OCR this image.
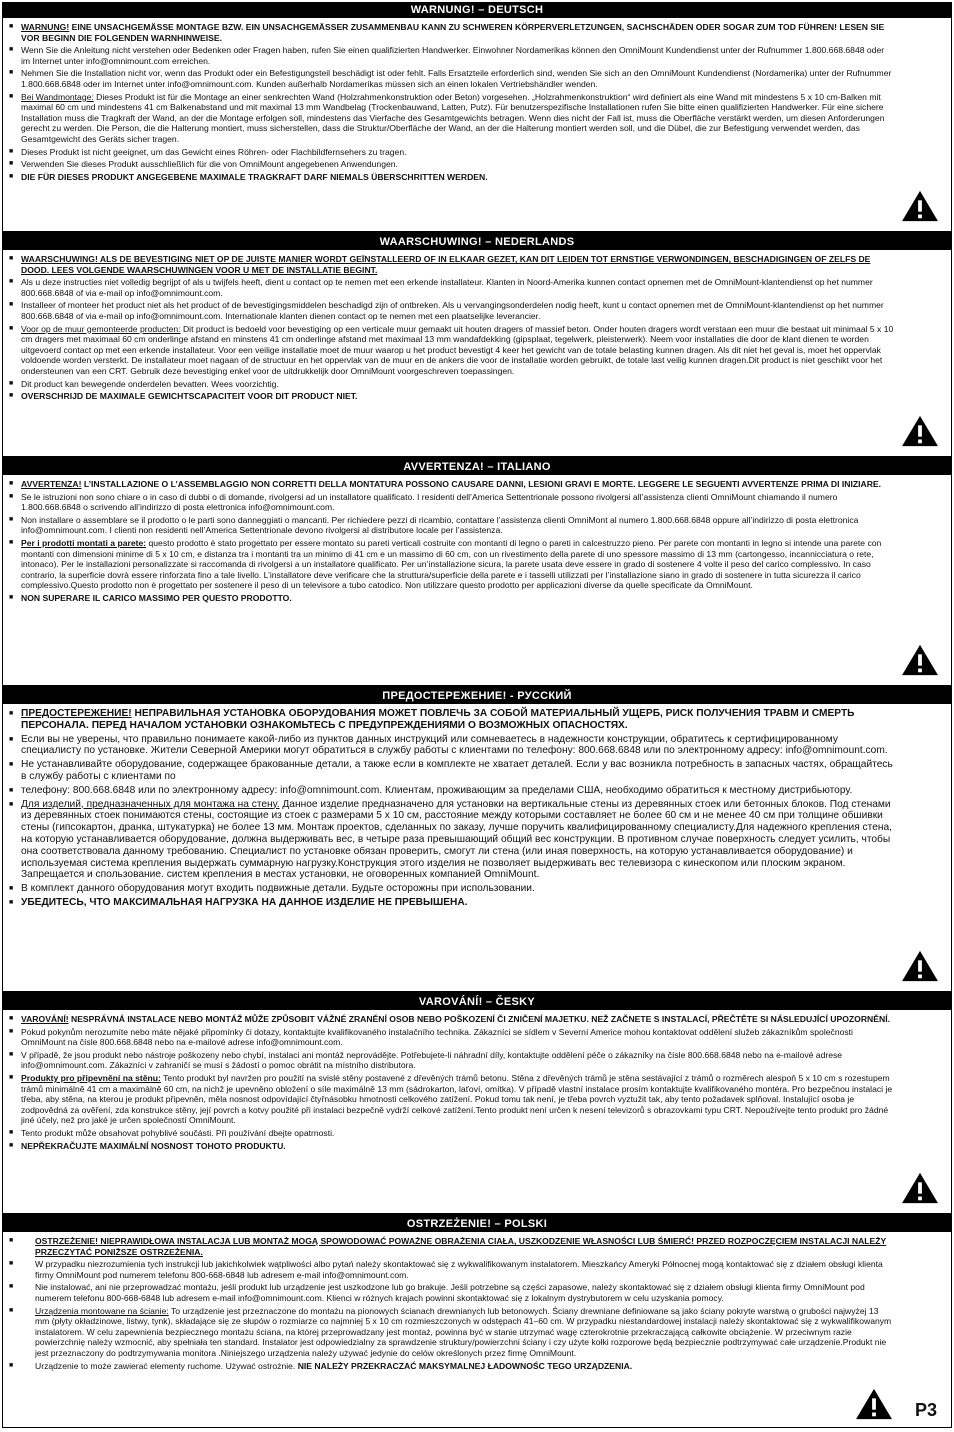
WARNUNG! – DEUTSCH
■ WARNUNG! EINE UNSACHGEMÄSSE MONTAGE BZW. EIN UNSACHGEMÄSSER ZUSAMMENBAU KANN ZU SCHWEREN KÖRPERVERLETZUNGEN, SACHSCHÄDEN ODER SOGAR ZUM TOD FÜHREN! LESEN SIE VOR BEGINN DIE FOLGENDEN WARNHINWEISE.
■ Wenn Sie die Anleitung nicht verstehen oder Bedenken oder Fragen haben, rufen Sie einen qualifizierten Handwerker. Einwohner Nordamerikas können den OmniMount Kundendienst unter der Rufnummer 1.800.668.6848 oder im Internet unter info@omnimount.com erreichen.
■ Nehmen Sie die Installation nicht vor, wenn das Produkt oder ein Befestigungsteil beschädigt ist oder fehlt. Falls Ersatzteile erforderlich sind, wenden Sie sich an den OmniMount Kundendienst (Nordamerika) unter der Rufnummer 1.800.668.6848 oder im Internet unter info@omnimount.com. Kunden außerhalb Nordamerikas müssen sich an einen lokalen Vertriebshändler wenden.
■ Bei Wandmontage: Dieses Produkt ist für die Montage an einer senkrechten Wand (Holzrahmenkonstruktion oder Beton) vorgesehen. „Holzrahmenkonstruktion“ wird definiert als eine Wand mit mindestens 5 x 10 cm-Balken mit maximal 60 cm und mindestens 41 cm Balkenabstand und mit maximal 13 mm Wandbelag (Trockenbauwand, Latten, Putz). Für benutzerspezifische Installationen rufen Sie bitte einen qualifizierten Handwerker. Für eine sichere Installation muss die Tragkraft der Wand, an der die Montage erfolgen soll, mindestens das Vierfache des Gesamtgewichts betragen. Wenn dies nicht der Fall ist, muss die Oberfläche verstärkt werden, um diesen Anforderungen gerecht zu werden. Die Person, die die Halterung montiert, muss sicherstellen, dass die Struktur/Oberfläche der Wand, an der die Halterung montiert werden soll, und die Dübel, die zur Befestigung verwendet werden, das Gesamtgewicht des Geräts sicher tragen.
■ Dieses Produkt ist nicht geeignet, um das Gewicht eines Röhren- oder Flachbildfernsehers zu tragen.
■ Verwenden Sie dieses Produkt ausschließlich für die von OmniMount angegebenen Anwendungen.
■ DIE FÜR DIESES PRODUKT ANGEGEBENE MAXIMALE TRAGKRAFT DARF NIEMALS ÜBERSCHRITTEN WERDEN.
WAARSCHUWING! – NEDERLANDS
■ WAARSCHUWING! ALS DE BEVESTIGING NIET OP DE JUISTE MANIER WORDT GEÏNSTALLEERD OF IN ELKAAR GEZET, KAN DIT LEIDEN TOT ERNSTIGE VERWONDINGEN, BESCHADIGINGEN OF ZELFS DE DOOD. LEES VOLGENDE WAARSCHUWINGEN VOOR U MET DE INSTALLATIE BEGINT.
■ Als u deze instructies niet volledig begrijpt of als u twijfels heeft, dient u contact op te nemen met een erkende installateur. Klanten in Noord-Amerika kunnen contact opnemen met de OmniMount-klantendienst op het nummer 800.668.6848 of via e-mail op info@omnimount.com.
■ Installeer of monteer het product niet als het product of de bevestigingsmiddelen beschadigd zijn of ontbreken. Als u vervangingsonderdelen nodig heeft, kunt u contact opnemen met de OmniMount-klantendienst op het nummer 800.668.6848 of via e-mail op info@omnimount.com. Internationale klanten dienen contact op te nemen met een plaatselijke leverancier.
■ Voor op de muur gemonteerde producten: Dit product is bedoeld voor bevestiging op een verticale muur gemaakt uit houten dragers of massief beton. Onder houten dragers wordt verstaan een muur die bestaat uit minimaal 5 x 10 cm dragers met maximaal 60 cm onderlinge afstand en minstens 41 cm onderlinge afstand met maximaal 13 mm wandafdekking (gipsplaat, tegelwerk, pleisterwerk). Neem voor installaties die door de klant dienen te worden uitgevoerd contact op met een erkende installateur. Voor een veilige installatie moet de muur waarop u het product bevestigt 4 keer het gewicht van de totale belasting kunnen dragen. Als dit niet het geval is, moet het oppervlak voldoende worden versterkt. De installateur moet nagaan of de structuur en het oppervlak van de muur en de ankers die voor de installatie worden gebruikt, de totale last veilig kunnen dragen.Dit product is niet geschikt voor het ondersteunen van een CRT. Gebruik deze bevestiging enkel voor de uitdrukkelijk door OmniMount voorgeschreven toepassingen.
■ Dit product kan bewegende onderdelen bevatten. Wees voorzichtig.
■ OVERSCHRIJD DE MAXIMALE GEWICHTSCAPACITEIT VOOR DIT PRODUCT NIET.
AVVERTENZA! – ITALIANO
■ AVVERTENZA! L’INSTALLAZIONE O L’ASSEMBLAGGIO NON CORRETTI DELLA MONTATURA POSSONO CAUSARE DANNI, LESIONI GRAVI E MORTE. LEGGERE LE SEGUENTI AVVERTENZE PRIMA DI INIZIARE.
■ Se le istruzioni non sono chiare o in caso di dubbi o di domande, rivolgersi ad un installatore qualificato. I residenti dell’America Settentrionale possono rivolgersi all’assistenza clienti OmniMount chiamando il numero 1.800.668.6848 o scrivendo all’indirizzo di posta elettronica info@omnimount.com.
■ Non installare o assemblare se il prodotto o le parti sono danneggiati o mancanti. Per richiedere pezzi di ricambio, contattare l’assistenza clienti OmniMont al numero 1.800.668.6848 oppure all’indirizzo di posta elettronica info@omnimount.com. I clienti non residenti nell’America Settentrionale devono rivolgersi al distributore locale per l’assistenza.
■ Per i prodotti montati a parete: questo prodotto è stato progettato per essere montato su pareti verticali costruite con montanti di legno o pareti in calcestruzzo pieno. Per parete con montanti in legno si intende una parete con montanti con dimensioni minime di 5 x 10 cm, e distanza tra i montanti tra un minimo di 41 cm e un massimo di 60 cm, con un rivestimento della parete di uno spessore massimo di 13 mm (cartongesso, incannicciatura o rete, intonaco). Per le installazioni personalizzate si raccomanda di rivolgersi a un installatore qualificato. Per un’installazione sicura, la parete usata deve essere in grado di sostenere 4 volte il peso del carico complessivo. In caso contrario, la superficie dovrà essere rinforzata fino a tale livello. L’installatore deve verificare che la struttura/superficie della parete e i tasselli utilizzati per l’installazione siano in grado di sostenere in tutta sicurezza il carico complessivo.Questo prodotto non è progettato per sostenere il peso di un televisore a tubo catodico. Non utilizzare questo prodotto per applicazioni diverse da quelle specificate da OmniMount.
■ NON SUPERARE IL CARICO MASSIMO PER QUESTO PRODOTTO.
ПРЕДОСТЕРЕЖЕНИЕ! - РУССКИЙ
■ ПРЕДОСТЕРЕЖЕНИЕ! НЕПРАВИЛЬНАЯ УСТАНОВКА ОБОРУДОВАНИЯ МОЖЕТ ПОВЛЕЧЬ ЗА СОБОЙ МАТЕРИАЛЬНЫЙ УЩЕРБ, РИСК ПОЛУЧЕНИЯ ТРАВМ И СМЕРТЬ ПЕРСОНАЛА. ПЕРЕД НАЧАЛОМ УСТАНОВКИ ОЗНАКОМЬТЕСЬ С ПРЕДУПРЕЖДЕНИЯМИ О ВОЗМОЖНЫХ ОПАСНОСТЯХ.
■ Если вы не уверены, что правильно понимаете какой-либо из пунктов данных инструкций или сомневаетесь в надежности конструкции, обратитесь к сертифицированному специалисту по установке. Жители Северной Америки могут обратиться в службу работы с клиентами по телефону: 800.668.6848 или по электронному адресу: info@omnimount.com.
■ Не устанавливайте оборудование, содержащее бракованные детали, а также если в комплекте не хватает деталей. Если у вас возникла потребность в запасных частях, обращайтесь в службу работы с клиентами по
■ телефону: 800.668.6848 или по электронному адресу: info@omnimount.com. Клиентам, проживающим за пределами США, необходимо обратиться к местному дистрибьютору.
■ Для изделий, предназначенных для монтажа на стену. Данное изделие предназначено для установки на вертикальные стены из деревянных стоек или бетонных блоков. Под стенами из деревянных стоек понимаются стены, состоящие из стоек с размерами 5 x 10 см, расстояние между которыми составляет не более 60 см и не менее 40 см при толщине обшивки стены (гипсокартон, дранка, штукатурка) не более 13 мм. Монтаж проектов, сделанных по заказу, лучше поручить квалифицированному специалисту.Для надежного крепления стена, на которую устанавливается оборудование, должна выдерживать вес, в четыре раза превышающий общий вес конструкции. В противном случае поверхность следует усилить, чтобы она соответствовала данному требованию. Специалист по установке обязан проверить, смогут ли стена (или иная поверхность, на которую устанавливается оборудование) и используемая система крепления выдержать суммарную нагрузку.Конструкция этого изделия не позволяет выдерживать вес телевизора с кинескопом или плоским экраном. Запрещается и спользование. систем крепления в местах установки, не оговоренных компанией OmniMount.
■ В комплект данного оборудования могут входить подвижные детали. Будьте осторожны при использовании.
■ УБЕДИТЕСЬ, ЧТО МАКСИМАЛЬНАЯ НАГРУЗКА НА ДАННОЕ ИЗДЕЛИЕ НЕ ПРЕВЫШЕНА.
VAROVÁNÍ! – ČESKY
■ VAROVÁNÍ! NESPRÁVNÁ INSTALACE NEBO MONTÁŽ MŮŽE ZPŮSOBIT VÁŽNÉ ZRANĚNÍ OSOB NEBO POŠKOZENÍ ČI ZNIČENÍ MAJETKU. NEŽ ZAČNETE S INSTALACÍ, PŘEČTĚTE SI NÁSLEDUJÍCÍ UPOZORNĚNÍ.
■ Pokud pokynům nerozumíte nebo máte nějaké připomínky či dotazy, kontaktujte kvalifikovaného instalačního technika. Zákazníci se sídlem v Severní Americe mohou kontaktovat oddělení služeb zákazníkům společnosti OmniMount na čísle 800.668.6848 nebo na e-mailové adrese info@omnimount.com.
■ V případě, že jsou produkt nebo nástroje poškozeny nebo chybí, instalaci ani montáž neprovádějte. Potřebujete-li náhradní díly, kontaktujte oddělení péče o zákazníky na čísle 800.668.6848 nebo na e-mailové adrese info@omnimount.com. Zákazníci v zahraničí se musí s žádostí o pomoc obrátit na místního distributora.
■ Produkty pro připevnění na stěnu: Tento produkt byl navržen pro použití na svislé stěny postavené z dřevěných trámů betonu. Stěna z dřevěných trámů je stěna sestávající z trámů o rozměrech alespoň 5 x 10 cm s rozestupem trámů minimálně 41 cm a maximálně 60 cm, na nichž je upevněno obložení o síle maximálně 13 mm (sádrokarton, laťoví, omítka). V případě vlastní instalace prosím kontaktujte kvalifikovaného montéra. Pro bezpečnou instalaci je třeba, aby stěna, na kterou je produkt připevněn, měla nosnost odpovídající čtyřnásobku hmotnosti celkového zatížení. Pokud tomu tak není, je třeba povrch vyztužit tak, aby tento požadavek splňoval. Instalující osoba je zodpovědná za ověření, zda konstrukce stěny, její povrch a kotvy použité při instalaci bezpečně vydrží celkové zatížení.Tento produkt není určen k nesení televizorů s obrazovkami typu CRT. Nepoužívejte tento produkt pro žádné jiné účely, než pro jaké je určen společností OmniMount.
■ Tento produkt může obsahovat pohyblivé součásti. Při používání dbejte opatrnosti.
■ NEPŘEKRAČUJTE MAXIMÁLNÍ NOSNOST TOHOTO PRODUKTU.
OSTRZEŻENIE! – POLSKI
■ OSTRZEŻENIE! NIEPRAWIDŁOWA INSTALACJA LUB MONTAŻ MOGĄ SPOWODOWAĆ POWAŻNE OBRAŻENIA CIAŁA, USZKODZENIE WŁASNOŚCI LUB ŚMIERĆ! PRZED ROZPOCZĘCIEM INSTALACJI NALEŻY PRZECZYTAĆ PONIŻSZE OSTRZEŻENIA.
■ W przypadku niezrozumienia tych instrukcji lub jakichkolwiek wątpliwości albo pytań należy skontaktować się z wykwalifikowanym instalatorem. Mieszkańcy Ameryki Północnej mogą kontaktować się z działem obsługi klienta firmy OmniMount pod numerem telefonu 800-668-6848 lub adresem e-mail info@omnimount.com.
■ Nie instalować, ani nie przeprowadzać montażu, jeśli produkt lub urządzenie jest uszkodzone lub go brakuje. Jeśli potrzebne są części zapasowe, należy skontaktować się z działem obsługi klienta firmy OmniMount pod numerem telefonu 800-668-6848 lub adresem e-mail info@omnimount.com. Klienci w różnych krajach powinni skontaktować się z lokalnym dystrybutorem w celu uzyskania pomocy.
■ Urządzenia montowane na ścianie: To urządzenie jest przeznaczone do montażu na pionowych ścianach drewnianych lub betonowych. Ściany drewniane definiowane są jako ściany pokryte warstwą o grubości najwyżej 13 mm (płyty okładzinowe, listwy, tynk), składające się ze słupów o rozmiarze co najmniej 5 x 10 cm rozmieszczonych w odstępach 41–60 cm. W przypadku niestandardowej instalacji należy skontaktować się z wykwalifikowanym instalatorem. W celu zapewnienia bezpiecznego montażu ściana, na której przeprowadzany jest montaż, powinna być w stanie utrzymać wagę czterokrotnie przekraczającą całkowite obciążenie. W przeciwnym razie powierzchnię należy wzmocnić, aby spełniała ten standard. Instalator jest odpowiedzialny za sprawdzenie struktury/powierzchni ściany i czy użyte kołki rozporowe będą bezpiecznie podtrzymywać całe urządzenie.Produkt nie jest przeznaczony do podtrzymywania monitora .Niniejszego urządzenia należy używać jedynie do celów określonych przez firmę OmniMount.
■ Urządzenie to może zawierać elementy ruchome. Używać ostrożnie. NIE NALEŻY PRZEKRACZAĆ MAKSYMALNEJ ŁADOWNOŚC TEGO URZĄDZENIA.
P3
